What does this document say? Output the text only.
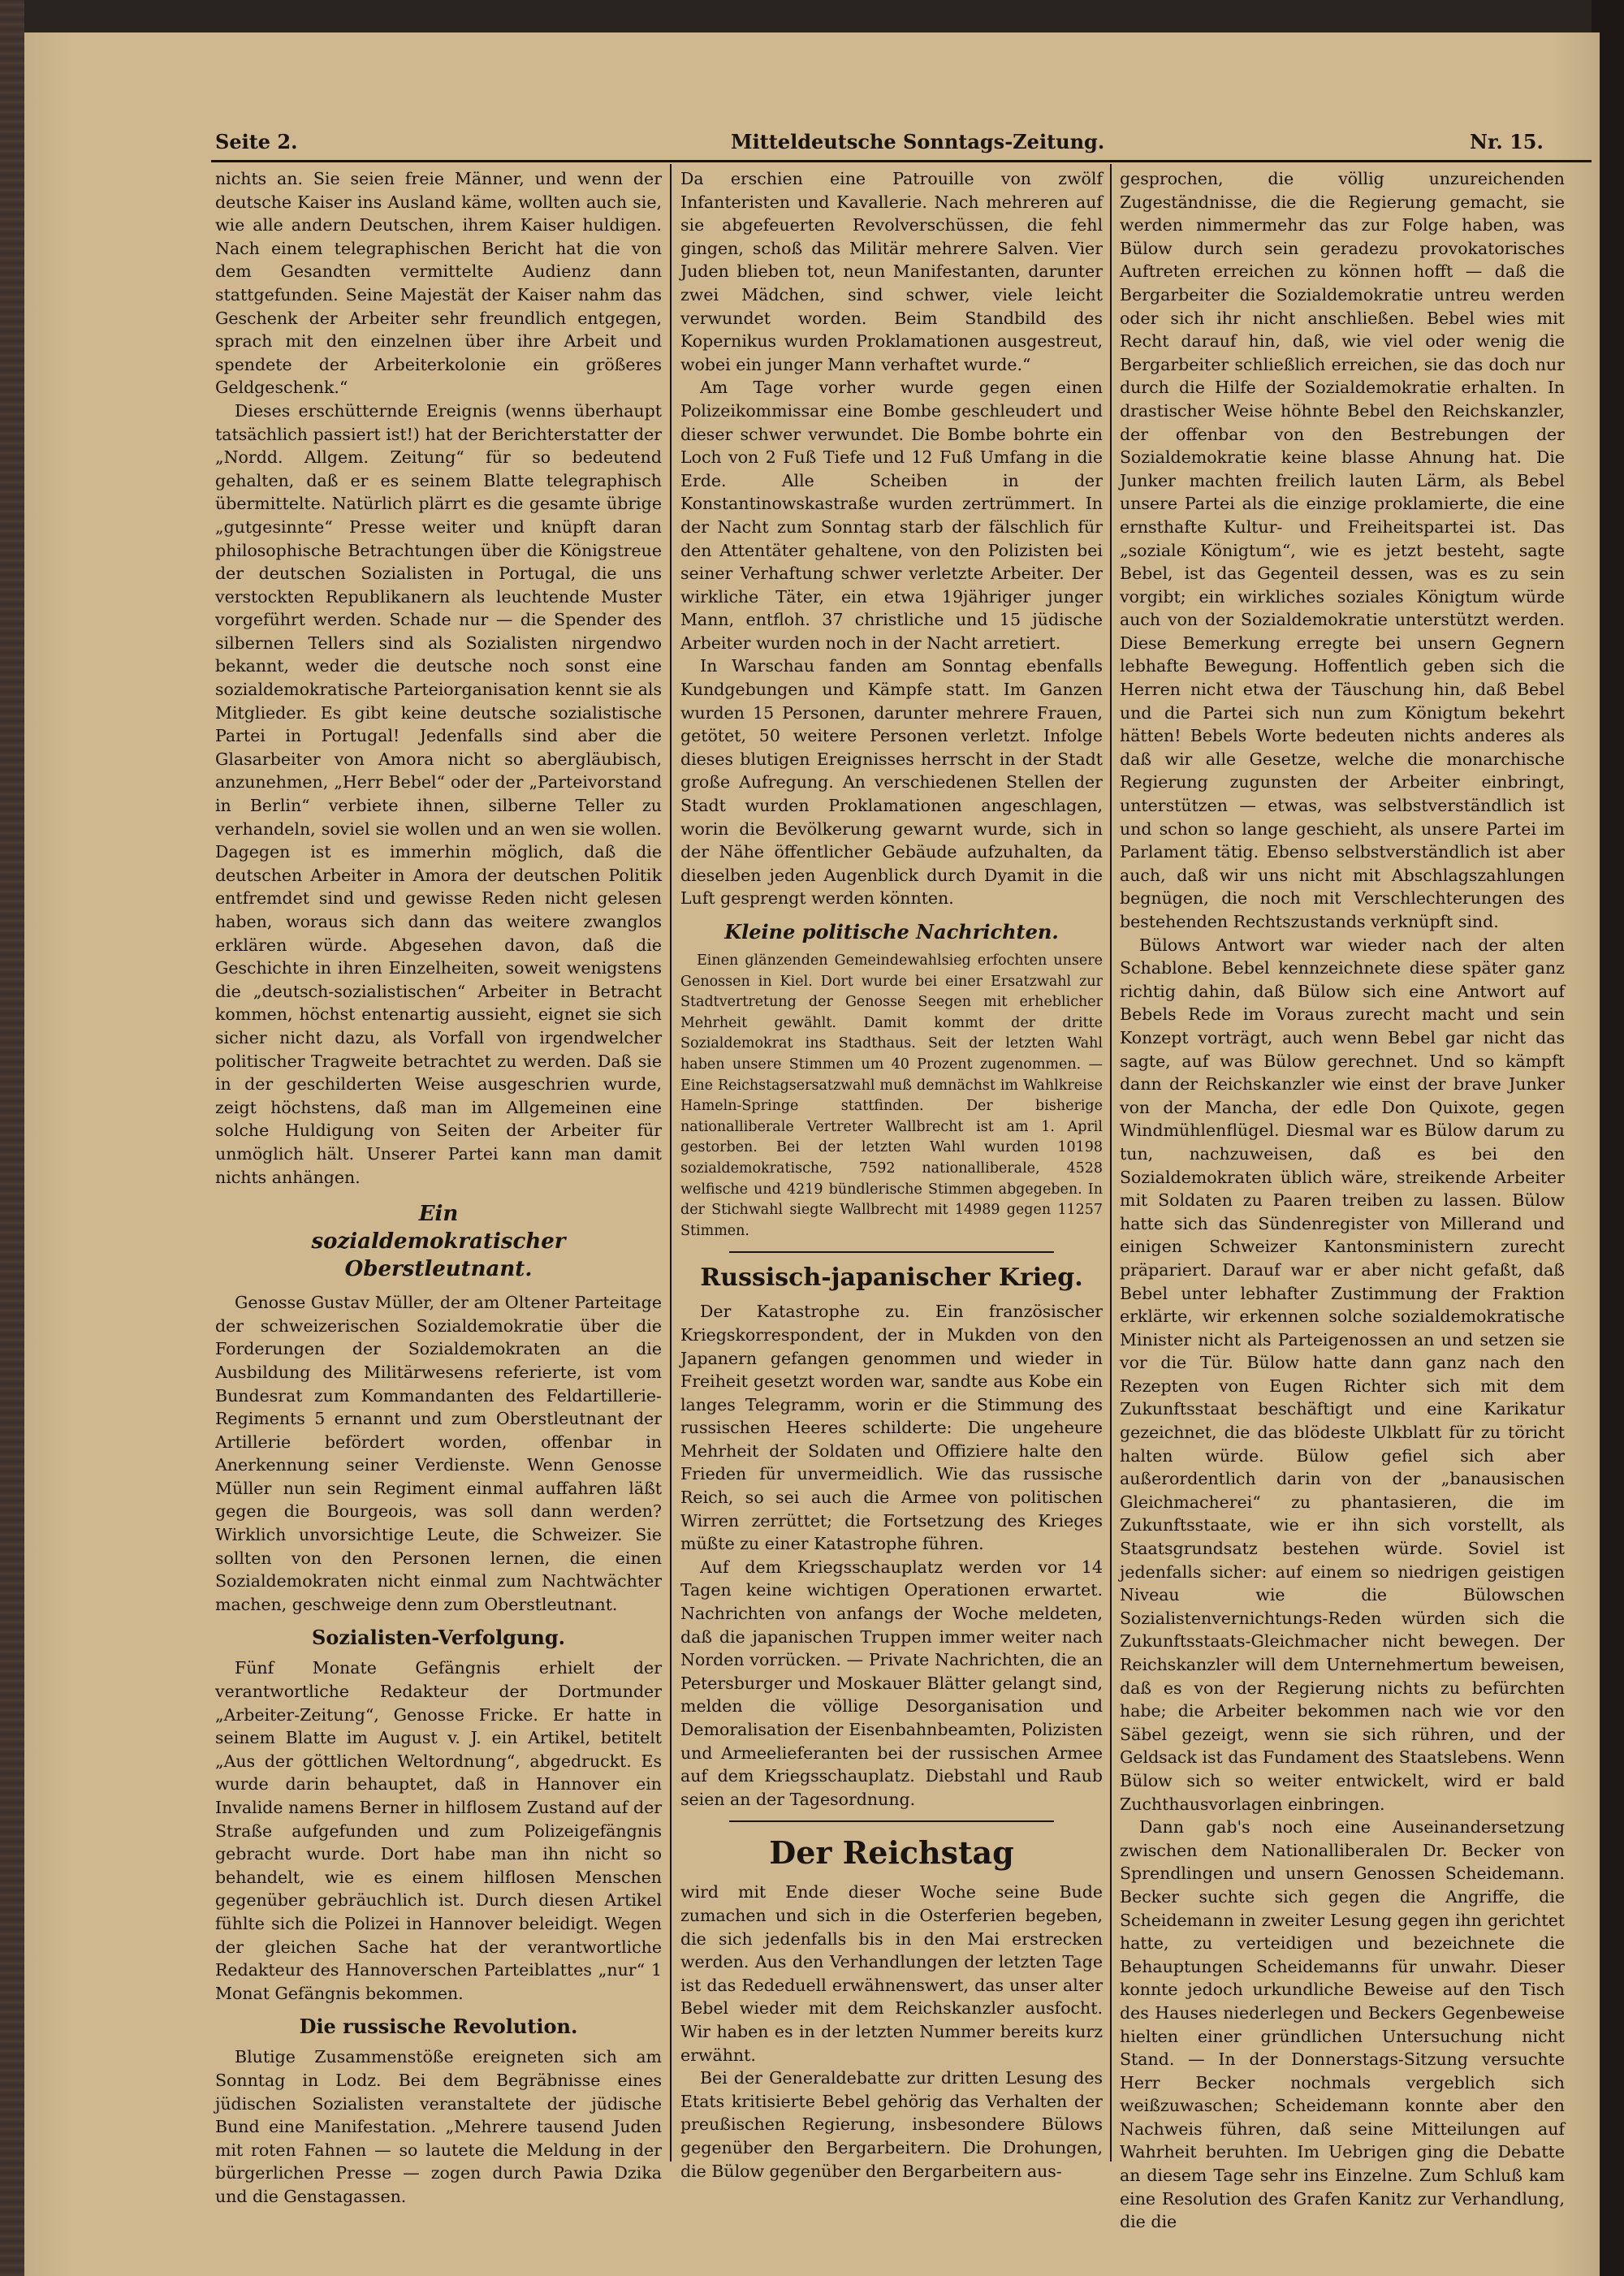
Seite 2.	Mitteldeutsche Sonntags-Zeitung.	Nr. 15.

nichts an. Sie seien freie Männer, und wenn der deutsche Kaiser ins Ausland käme, wollten auch sie, wie alle andern Deutschen, ihrem Kaiser huldigen. Nach einem telegraphischen Bericht hat die von dem Gesandten vermittelte Audienz dann stattgefunden. Seine Majestät der Kaiser nahm das Geschenk der Arbeiter sehr freundlich entgegen, sprach mit den einzelnen über ihre Arbeit und spendete der Arbeiterkolonie ein größeres Geldgeschenk.“

Dieses erschütternde Ereignis (wenns überhaupt tatsächlich passiert ist!) hat der Berichterstatter der „Nordd. Allgem. Zeitung“ für so bedeutend gehalten, daß er es seinem Blatte telegraphisch übermittelte. Natürlich plärrt es die gesamte übrige „gutgesinnte“ Presse weiter und knüpft daran philosophische Betrachtungen über die Königstreue der deutschen Sozialisten in Portugal, die uns verstockten Republikanern als leuchtende Muster vorgeführt werden. Schade nur — die Spender des silbernen Tellers sind als Sozialisten nirgendwo bekannt, weder die deutsche noch sonst eine sozialdemokratische Parteiorganisation kennt sie als Mitglieder. Es gibt keine deutsche sozialistische Partei in Portugal! Jedenfalls sind aber die Glasarbeiter von Amora nicht so abergläubisch, anzunehmen, „Herr Bebel“ oder der „Parteivorstand in Berlin“ verbiete ihnen, silberne Teller zu verhandeln, soviel sie wollen und an wen sie wollen. Dagegen ist es immerhin möglich, daß die deutschen Arbeiter in Amora der deutschen Politik entfremdet sind und gewisse Reden nicht gelesen haben, woraus sich dann das weitere zwanglos erklären würde. Abgesehen davon, daß die Geschichte in ihren Einzelheiten, soweit wenigstens die „deutsch-sozialistischen“ Arbeiter in Betracht kommen, höchst entenartig aussieht, eignet sie sich sicher nicht dazu, als Vorfall von irgendwelcher politischer Tragweite betrachtet zu werden. Daß sie in der geschilderten Weise ausgeschrien wurde, zeigt höchstens, daß man im Allgemeinen eine solche Huldigung von Seiten der Arbeiter für unmöglich hält. Unserer Partei kann man damit nichts anhängen.

Ein
sozialdemokratischer Oberstleutnant.

Genosse Gustav Müller, der am Oltener Parteitage der schweizerischen Sozialdemokratie über die Forderungen der Sozialdemokraten an die Ausbildung des Militärwesens referierte, ist vom Bundesrat zum Kommandanten des Feldartillerie-Regiments 5 ernannt und zum Oberstleutnant der Artillerie befördert worden, offenbar in Anerkennung seiner Verdienste. Wenn Genosse Müller nun sein Regiment einmal auffahren läßt gegen die Bourgeois, was soll dann werden? Wirklich unvorsichtige Leute, die Schweizer. Sie sollten von den Personen lernen, die einen Sozialdemokraten nicht einmal zum Nachtwächter machen, geschweige denn zum Oberstleutnant.

Sozialisten-Verfolgung.

Fünf Monate Gefängnis erhielt der verantwortliche Redakteur der Dortmunder „Arbeiter-Zeitung“, Genosse Fricke. Er hatte in seinem Blatte im August v. J. ein Artikel, betitelt „Aus der göttlichen Weltordnung“, abgedruckt. Es wurde darin behauptet, daß in Hannover ein Invalide namens Berner in hilflosem Zustand auf der Straße aufgefunden und zum Polizeigefängnis gebracht wurde. Dort habe man ihn nicht so behandelt, wie es einem hilflosen Menschen gegenüber gebräuchlich ist. Durch diesen Artikel fühlte sich die Polizei in Hannover beleidigt. Wegen der gleichen Sache hat der verantwortliche Redakteur des Hannoverschen Parteiblattes „nur“ 1 Monat Gefängnis bekommen.

Die russische Revolution.

Blutige Zusammenstöße ereigneten sich am Sonntag in Lodz. Bei dem Begräbnisse eines jüdischen Sozialisten veranstaltete der jüdische Bund eine Manifestation. „Mehrere tausend Juden mit roten Fahnen — so lautete die Meldung in der bürgerlichen Presse — zogen durch Pawia Dzika und die Genstagassen.

Da erschien eine Patrouille von zwölf Infanteristen und Kavallerie. Nach mehreren auf sie abgefeuerten Revolverschüssen, die fehl gingen, schoß das Militär mehrere Salven. Vier Juden blieben tot, neun Manifestanten, darunter zwei Mädchen, sind schwer, viele leicht verwundet worden. Beim Standbild des Kopernikus wurden Proklamationen ausgestreut, wobei ein junger Mann verhaftet wurde.“

Am Tage vorher wurde gegen einen Polizeikommissar eine Bombe geschleudert und dieser schwer verwundet. Die Bombe bohrte ein Loch von 2 Fuß Tiefe und 12 Fuß Umfang in die Erde. Alle Scheiben in der Konstantinowskastraße wurden zertrümmert. In der Nacht zum Sonntag starb der fälschlich für den Attentäter gehaltene, von den Polizisten bei seiner Verhaftung schwer verletzte Arbeiter. Der wirkliche Täter, ein etwa 19jähriger junger Mann, entfloh. 37 christliche und 15 jüdische Arbeiter wurden noch in der Nacht arretiert.

In Warschau fanden am Sonntag ebenfalls Kundgebungen und Kämpfe statt. Im Ganzen wurden 15 Personen, darunter mehrere Frauen, getötet, 50 weitere Personen verletzt. Infolge dieses blutigen Ereignisses herrscht in der Stadt große Aufregung. An verschiedenen Stellen der Stadt wurden Proklamationen angeschlagen, worin die Bevölkerung gewarnt wurde, sich in der Nähe öffentlicher Gebäude aufzuhalten, da dieselben jeden Augenblick durch Dyamit in die Luft gesprengt werden könnten.

Kleine politische Nachrichten.

Einen glänzenden Gemeindewahlsieg erfochten unsere Genossen in Kiel. Dort wurde bei einer Ersatzwahl zur Stadtvertretung der Genosse Seegen mit erheblicher Mehrheit gewählt. Damit kommt der dritte Sozialdemokrat ins Stadthaus. Seit der letzten Wahl haben unsere Stimmen um 40 Prozent zugenommen. — Eine Reichstagsersatzwahl muß demnächst im Wahlkreise Hameln-Springe stattfinden. Der bisherige nationalliberale Vertreter Wallbrecht ist am 1. April gestorben. Bei der letzten Wahl wurden 10198 sozialdemokratische, 7592 nationalliberale, 4528 welfische und 4219 bündlerische Stimmen abgegeben. In der Stichwahl siegte Wallbrecht mit 14989 gegen 11257 Stimmen.

Russisch-japanischer Krieg.

Der Katastrophe zu. Ein französischer Kriegskorrespondent, der in Mukden von den Japanern gefangen genommen und wieder in Freiheit gesetzt worden war, sandte aus Kobe ein langes Telegramm, worin er die Stimmung des russischen Heeres schilderte: Die ungeheure Mehrheit der Soldaten und Offiziere halte den Frieden für unvermeidlich. Wie das russische Reich, so sei auch die Armee von politischen Wirren zerrüttet; die Fortsetzung des Krieges müßte zu einer Katastrophe führen.

Auf dem Kriegsschauplatz werden vor 14 Tagen keine wichtigen Operationen erwartet. Nachrichten von anfangs der Woche meldeten, daß die japanischen Truppen immer weiter nach Norden vorrücken. — Private Nachrichten, die an Petersburger und Moskauer Blätter gelangt sind, melden die völlige Desorganisation und Demoralisation der Eisenbahnbeamten, Polizisten und Armeelieferanten bei der russischen Armee auf dem Kriegsschauplatz. Diebstahl und Raub seien an der Tagesordnung.

Der Reichstag

wird mit Ende dieser Woche seine Bude zumachen und sich in die Osterferien begeben, die sich jedenfalls bis in den Mai erstrecken werden. Aus den Verhandlungen der letzten Tage ist das Rededuell erwähnenswert, das unser alter Bebel wieder mit dem Reichskanzler ausfocht. Wir haben es in der letzten Nummer bereits kurz erwähnt.

Bei der Generaldebatte zur dritten Lesung des Etats kritisierte Bebel gehörig das Verhalten der preußischen Regierung, insbesondere Bülows gegenüber den Bergarbeitern. Die Drohungen, die Bülow gegenüber den Bergarbeitern aus-

gesprochen, die völlig unzureichenden Zugeständnisse, die die Regierung gemacht, sie werden nimmermehr das zur Folge haben, was Bülow durch sein geradezu provokatorisches Auftreten erreichen zu können hofft — daß die Bergarbeiter die Sozialdemokratie untreu werden oder sich ihr nicht anschließen. Bebel wies mit Recht darauf hin, daß, wie viel oder wenig die Bergarbeiter schließlich erreichen, sie das doch nur durch die Hilfe der Sozialdemokratie erhalten. In drastischer Weise höhnte Bebel den Reichskanzler, der offenbar von den Bestrebungen der Sozialdemokratie keine blasse Ahnung hat. Die Junker machten freilich lauten Lärm, als Bebel unsere Partei als die einzige proklamierte, die eine ernsthafte Kultur- und Freiheitspartei ist. Das „soziale Königtum“, wie es jetzt besteht, sagte Bebel, ist das Gegenteil dessen, was es zu sein vorgibt; ein wirkliches soziales Königtum würde auch von der Sozialdemokratie unterstützt werden. Diese Bemerkung erregte bei unsern Gegnern lebhafte Bewegung. Hoffentlich geben sich die Herren nicht etwa der Täuschung hin, daß Bebel und die Partei sich nun zum Königtum bekehrt hätten! Bebels Worte bedeuten nichts anderes als daß wir alle Gesetze, welche die monarchische Regierung zugunsten der Arbeiter einbringt, unterstützen — etwas, was selbstverständlich ist und schon so lange geschieht, als unsere Partei im Parlament tätig. Ebenso selbstverständlich ist aber auch, daß wir uns nicht mit Abschlagszahlungen begnügen, die noch mit Verschlechterungen des bestehenden Rechtszustands verknüpft sind.

Bülows Antwort war wieder nach der alten Schablone. Bebel kennzeichnete diese später ganz richtig dahin, daß Bülow sich eine Antwort auf Bebels Rede im Voraus zurecht macht und sein Konzept vorträgt, auch wenn Bebel gar nicht das sagte, auf was Bülow gerechnet. Und so kämpft dann der Reichskanzler wie einst der brave Junker von der Mancha, der edle Don Quixote, gegen Windmühlenflügel. Diesmal war es Bülow darum zu tun, nachzuweisen, daß es bei den Sozialdemokraten üblich wäre, streikende Arbeiter mit Soldaten zu Paaren treiben zu lassen. Bülow hatte sich das Sündenregister von Millerand und einigen Schweizer Kantonsministern zurecht präpariert. Darauf war er aber nicht gefaßt, daß Bebel unter lebhafter Zustimmung der Fraktion erklärte, wir erkennen solche sozialdemokratische Minister nicht als Parteigenossen an und setzen sie vor die Tür. Bülow hatte dann ganz nach den Rezepten von Eugen Richter sich mit dem Zukunftsstaat beschäftigt und eine Karikatur gezeichnet, die das blödeste Ulkblatt für zu töricht halten würde. Bülow gefiel sich aber außerordentlich darin von der „banausischen Gleichmacherei“ zu phantasieren, die im Zukunftsstaate, wie er ihn sich vorstellt, als Staatsgrundsatz bestehen würde. Soviel ist jedenfalls sicher: auf einem so niedrigen geistigen Niveau wie die Bülowschen Sozialistenvernichtungs-Reden würden sich die Zukunftsstaats-Gleichmacher nicht bewegen. Der Reichskanzler will dem Unternehmertum beweisen, daß es von der Regierung nichts zu befürchten habe; die Arbeiter bekommen nach wie vor den Säbel gezeigt, wenn sie sich rühren, und der Geldsack ist das Fundament des Staatslebens. Wenn Bülow sich so weiter entwickelt, wird er bald Zuchthausvorlagen einbringen.

Dann gab's noch eine Auseinandersetzung zwischen dem Nationalliberalen Dr. Becker von Sprendlingen und unsern Genossen Scheidemann. Becker suchte sich gegen die Angriffe, die Scheidemann in zweiter Lesung gegen ihn gerichtet hatte, zu verteidigen und bezeichnete die Behauptungen Scheidemanns für unwahr. Dieser konnte jedoch urkundliche Beweise auf den Tisch des Hauses niederlegen und Beckers Gegenbeweise hielten einer gründlichen Untersuchung nicht Stand. — In der Donnerstags-Sitzung versuchte Herr Becker nochmals vergeblich sich weißzuwaschen; Scheidemann konnte aber den Nachweis führen, daß seine Mitteilungen auf Wahrheit beruhten. Im Uebrigen ging die Debatte an diesem Tage sehr ins Einzelne. Zum Schluß kam eine Resolution des Grafen Kanitz zur Verhandlung, die die
